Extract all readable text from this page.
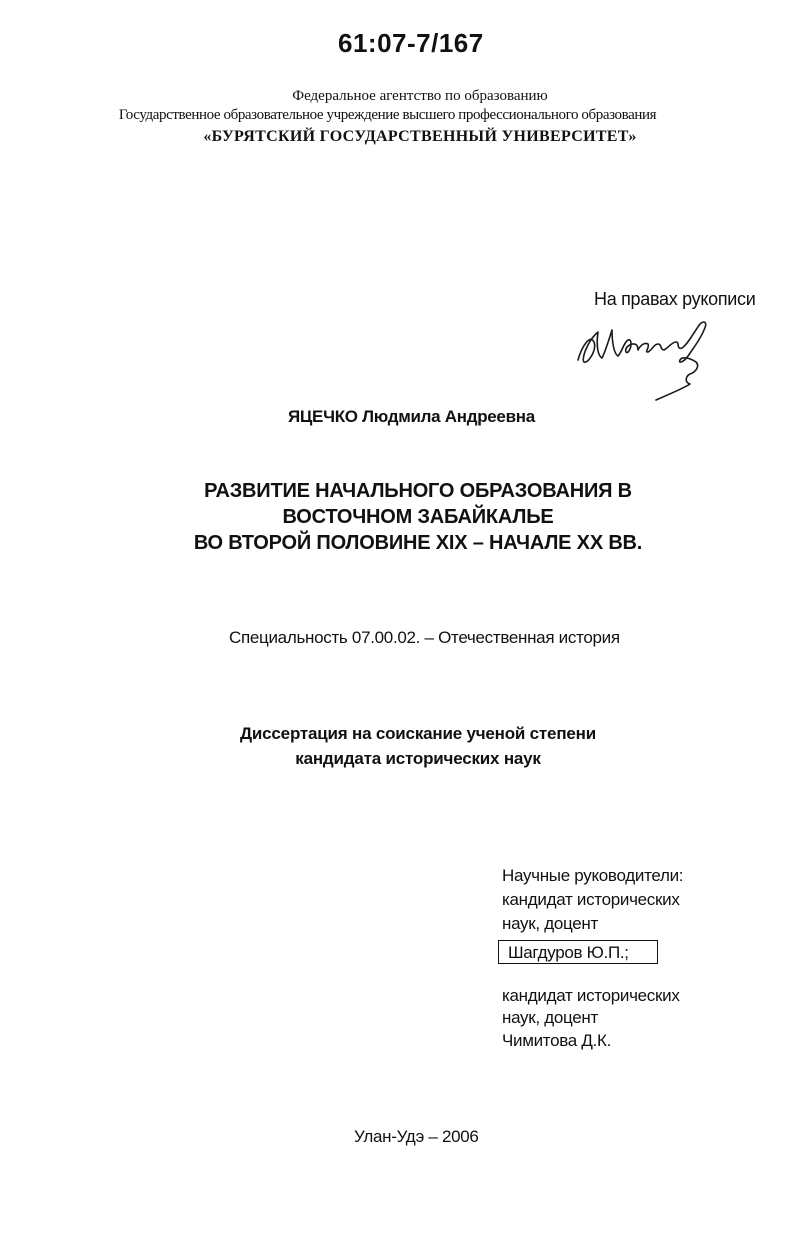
61:07-7/167
Федеральное агентство по образованию
Государственное образовательное учреждение высшего профессионального образования
«БУРЯТСКИЙ ГОСУДАРСТВЕННЫЙ УНИВЕРСИТЕТ»
На правах рукописи
ЯЦЕЧКО Людмила Андреевна
РАЗВИТИЕ НАЧАЛЬНОГО ОБРАЗОВАНИЯ В
ВОСТОЧНОМ ЗАБАЙКАЛЬЕ
ВО ВТОРОЙ ПОЛОВИНЕ XIX – НАЧАЛЕ XX ВВ.
Специальность 07.00.02. – Отечественная история
Диссертация на соискание ученой степени
кандидата исторических наук
Научные руководители:
кандидат исторических
наук, доцент
Шагдуров Ю.П.;
кандидат исторических
наук, доцент
Чимитова Д.К.
Улан-Удэ – 2006
